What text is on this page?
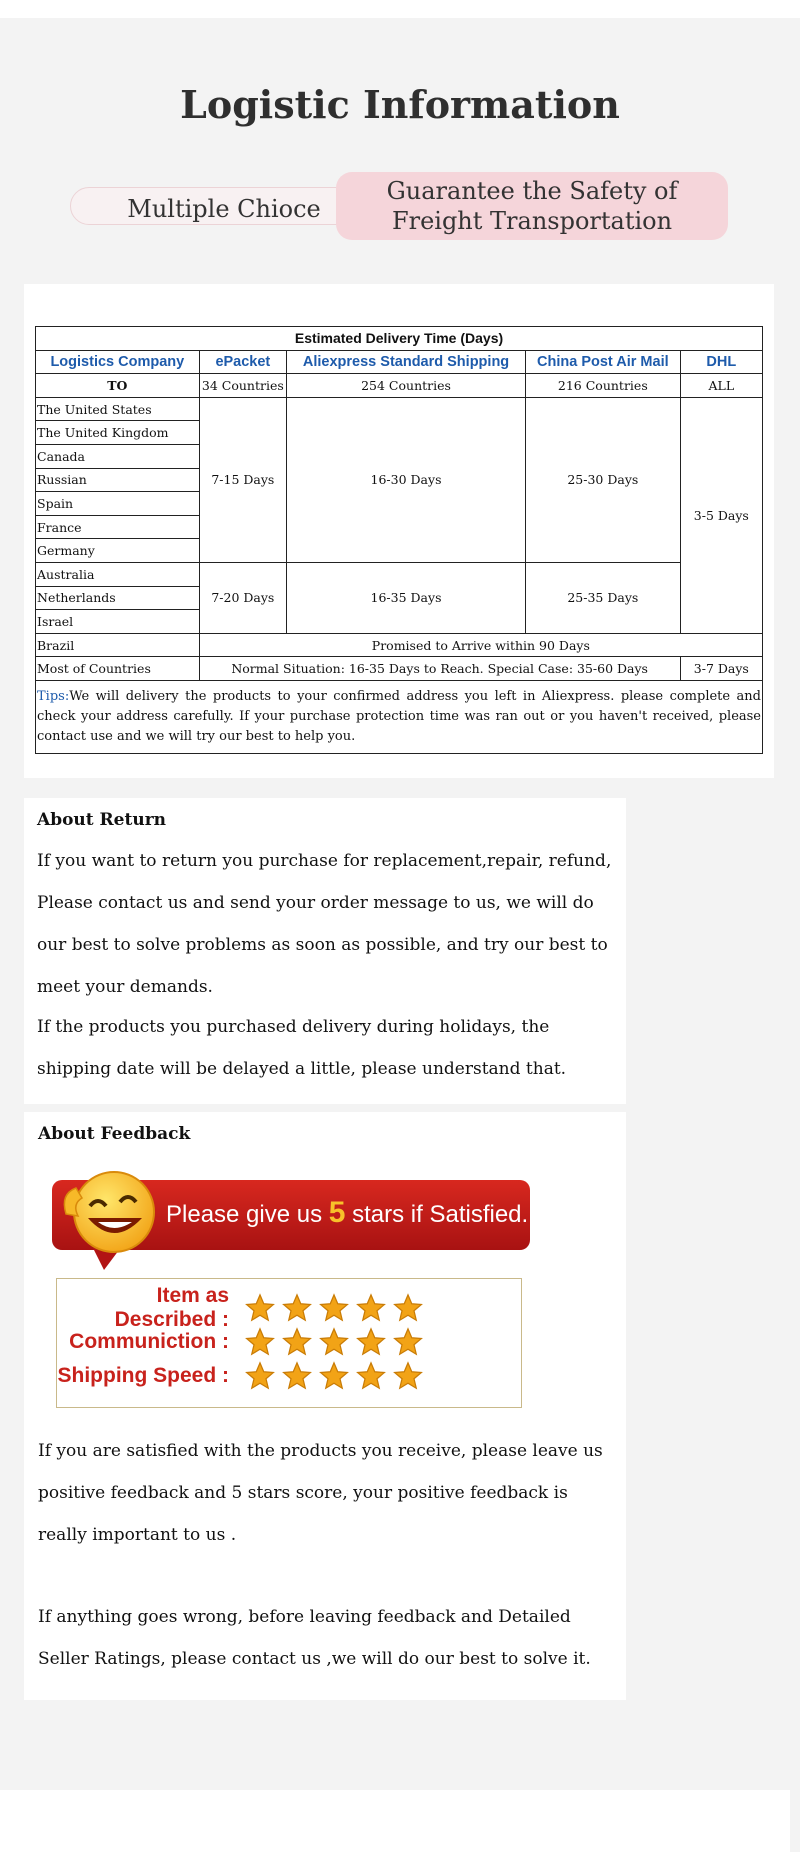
Logistic Information
Multiple Chioce
Guarantee the Safety of Freight Transportation
Estimated Delivery Time (Days)				
Logistics Company	ePacket	Aliexpress Standard Shipping	China Post Air Mail	DHL
TO	34 Countries	254 Countries	216 Countries	ALL
The United States	7-15 Days	16-30 Days	25-30 Days	3-5 Days
The United Kingdom				
Canada				
Russian				
Spain				
France				
Germany				
Australia	7-20 Days	16-35 Days	25-35 Days	
Netherlands				
Israel				
Brazil	Promised to Arrive within 90 Days			
Most of Countries	Normal Situation: 16-35 Days to Reach. Special Case: 35-60 Days			3-7 Days
Tips:We will delivery the products to your confirmed address you left in Aliexpress. please complete and check your address carefully. If your purchase protection time was ran out or you haven't received, please contact use and we will try our best to help you.				
About Return
If you want to return you purchase for replacement,repair, refund, Please contact us and send your order message to us, we will do our best to solve problems as soon as possible, and try our best to meet your demands.
If the products you purchased delivery during holidays, the shipping date will be delayed a little, please understand that.
About Feedback
Please give us 5 stars if Satisfied.
Item as Described :
Communiction :
Shipping Speed :
If you are satisfied with the products you receive, please leave us positive feedback and 5 stars score, your positive feedback is really important to us .
If anything goes wrong, before leaving feedback and Detailed Seller Ratings, please contact us ,we will do our best to solve it.
